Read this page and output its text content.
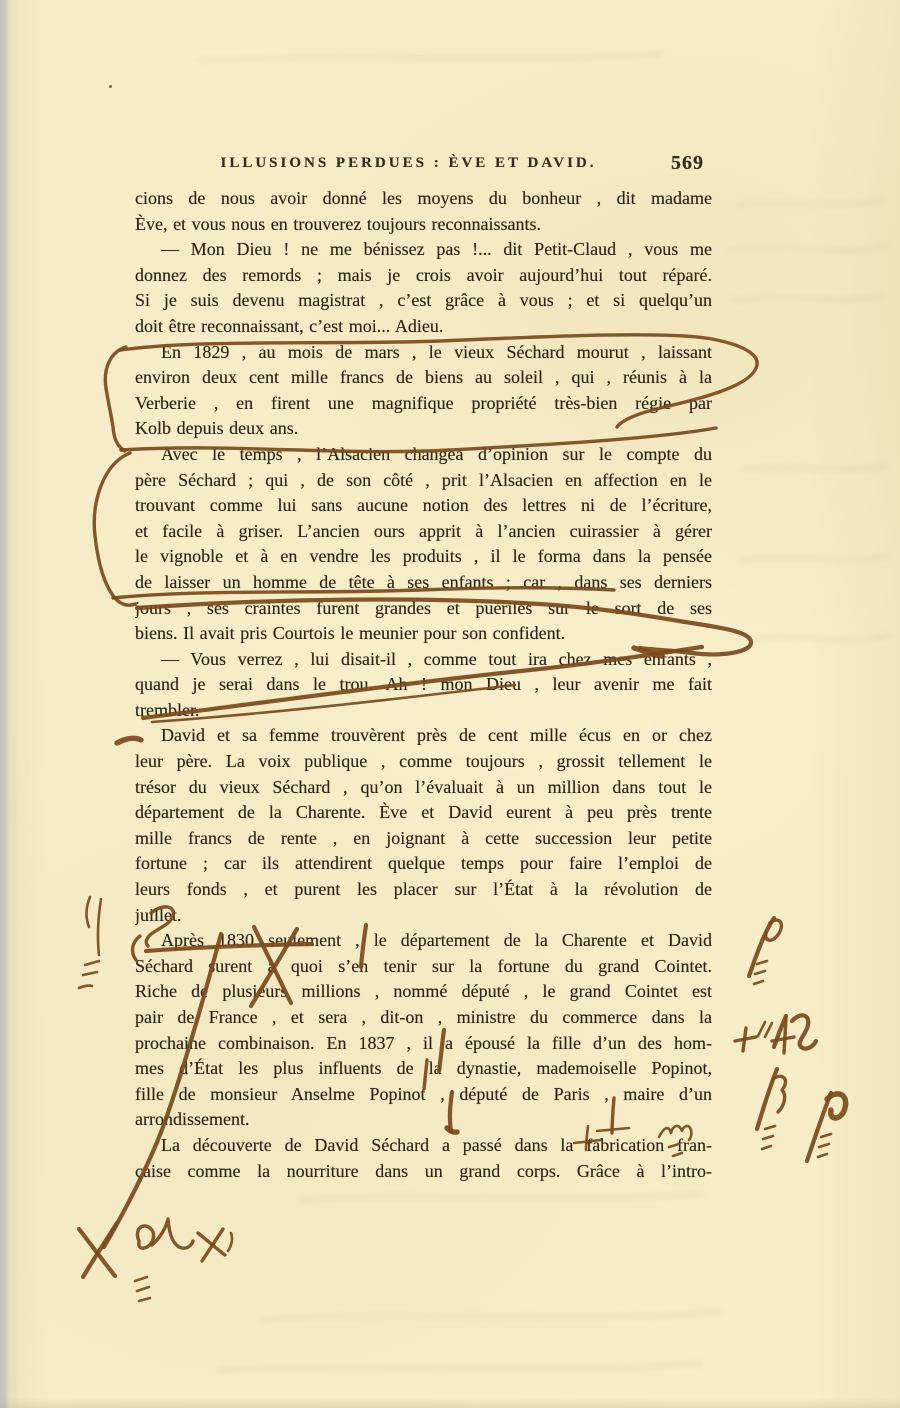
ILLUSIONS PERDUES : ÈVE ET DAVID.	569
cions de nous avoir donné les moyens du bonheur , dit madame
Ève, et vous nous en trouverez toujours reconnaissants.
— Mon Dieu ! ne me bénissez pas !... dit Petit-Claud , vous me
donnez des remords ; mais je crois avoir aujourd’hui tout réparé.
Si je suis devenu magistrat , c’est grâce à vous ; et si quelqu’un
doit être reconnaissant, c’est moi... Adieu.
En 1829 , au mois de mars , le vieux Séchard mourut , laissant
environ deux cent mille francs de biens au soleil , qui , réunis à la
Verberie , en firent une magnifique propriété très-bien régie par
Kolb depuis deux ans.
Avec le temps , l’Alsacien changea d’opinion sur le compte du
père Séchard ; qui , de son côté , prit l’Alsacien en affection en le
trouvant comme lui sans aucune notion des lettres ni de l’écriture,
et facile à griser. L’ancien ours apprit à l’ancien cuirassier à gérer
le vignoble et à en vendre les produits , il le forma dans la pensée
de laisser un homme de tête à ses enfants ; car , dans ses derniers
jours , ses craintes furent grandes et puériles sur le sort de ses
biens. Il avait pris Courtois le meunier pour son confident.
— Vous verrez , lui disait-il , comme tout ira chez mes enfants ,
quand je serai dans le trou. Ah ! mon Dieu , leur avenir me fait
trembler.
David et sa femme trouvèrent près de cent mille écus en or chez
leur père. La voix publique , comme toujours , grossit tellement le
trésor du vieux Séchard , qu’on l’évaluait à un million dans tout le
département de la Charente. Ève et David eurent à peu près trente
mille francs de rente , en joignant à cette succession leur petite
fortune ; car ils attendirent quelque temps pour faire l’emploi de
leurs fonds , et purent les placer sur l’État à la révolution de
juillet.
Après 1830 seulement , le département de la Charente et David
Séchard surent à quoi s’en tenir sur la fortune du grand Cointet.
Riche de plusieurs millions , nommé député , le grand Cointet est
pair de France , et sera , dit-on , ministre du commerce dans la
prochaine combinaison. En 1837 , il a épousé la fille d’un des hom-
mes d’État les plus influents de la dynastie, mademoiselle Popinot,
fille de monsieur Anselme Popinot , député de Paris , maire d’un
arrondissement.
La découverte de David Séchard a passé dans la fabrication fran-
çaise comme la nourriture dans un grand corps. Grâce à l’intro-
